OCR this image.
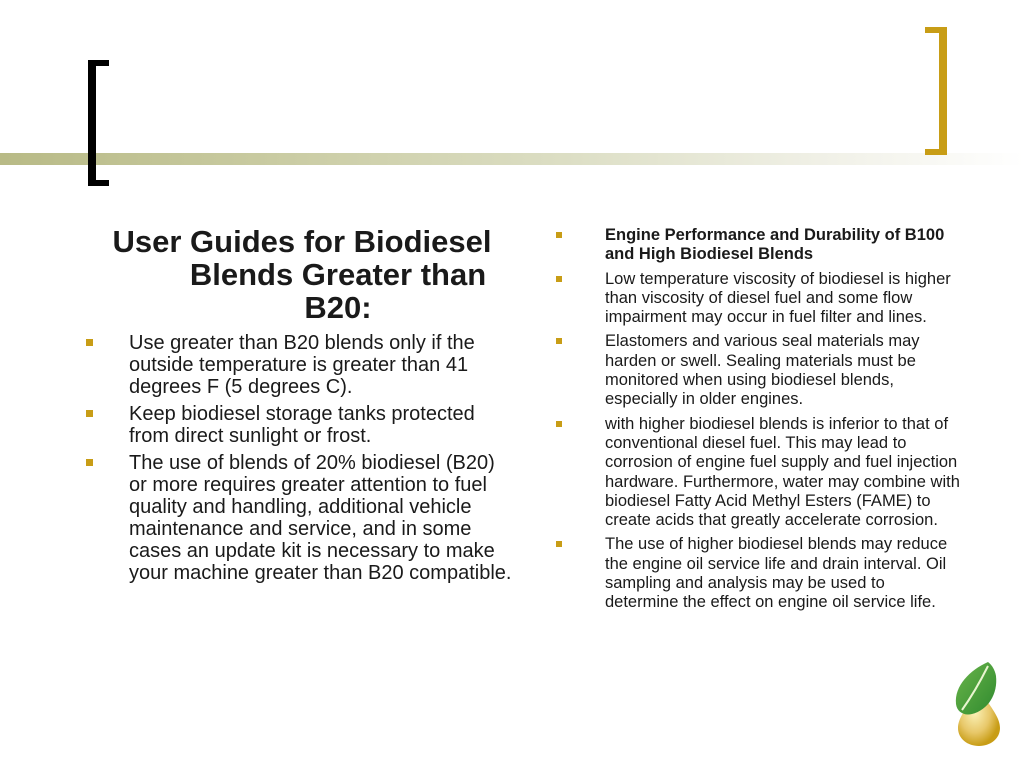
User Guides for Biodiesel Blends Greater than B20:
Use greater than B20 blends only if the outside temperature is greater than 41 degrees F (5 degrees C).
Keep biodiesel storage tanks protected from direct sunlight or frost.
The use of blends of 20% biodiesel (B20) or more requires greater attention to fuel quality and handling, additional vehicle maintenance and service, and in some cases an update kit is necessary to make your machine greater than B20 compatible.
Engine Performance and Durability of B100 and High Biodiesel Blends
Low temperature viscosity of biodiesel is higher than viscosity of diesel fuel and some flow impairment may occur in fuel filter and lines.
Elastomers and various seal materials may harden or swell. Sealing materials must be monitored when using biodiesel blends, especially in older engines.
with higher biodiesel blends is inferior to that of conventional diesel fuel. This may lead to corrosion of engine fuel supply and fuel injection hardware. Furthermore, water may combine with biodiesel Fatty Acid Methyl Esters (FAME) to create acids that greatly accelerate corrosion.
The use of higher biodiesel blends may reduce the engine oil service life and drain interval. Oil sampling and analysis may be used to determine the effect on engine oil service life.
